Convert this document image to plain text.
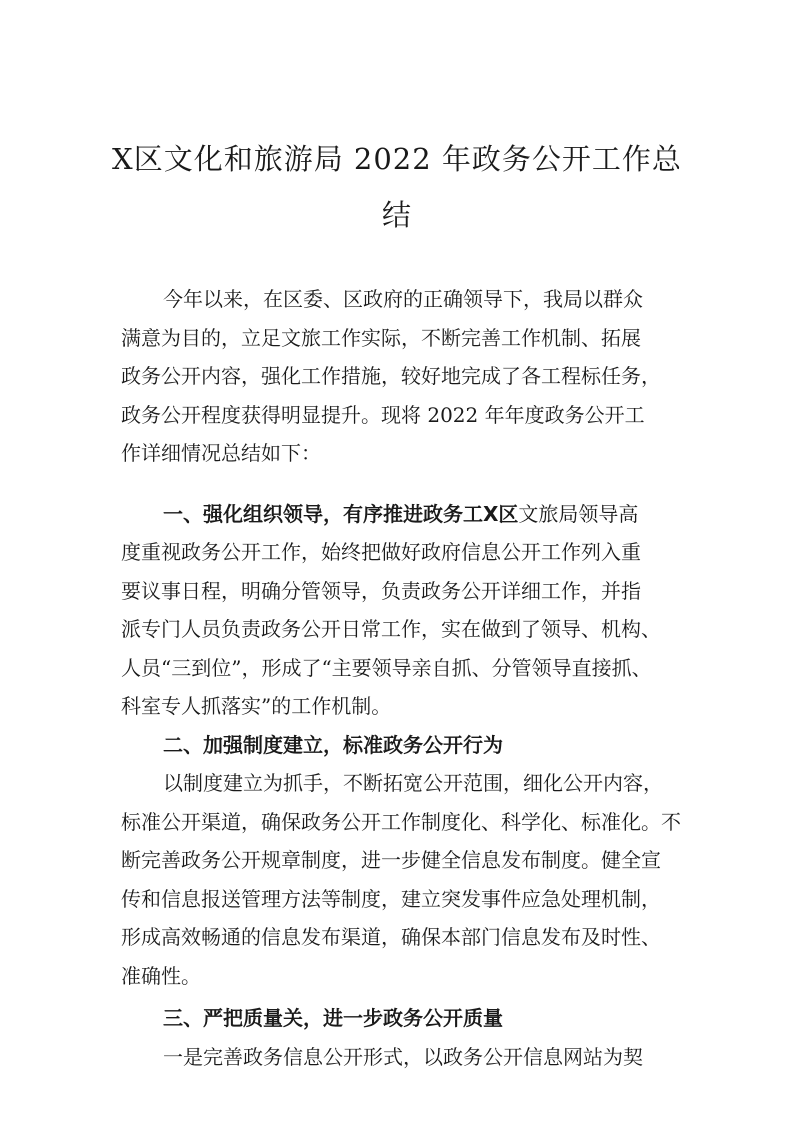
X区文化和旅游局 2022 年政务公开工作总
结
今年以来，在区委、区政府的正确领导下，我局以群众
满意为目的，立足文旅工作实际，不断完善工作机制、拓展
政务公开内容，强化工作措施，较好地完成了各工程标任务，
政务公开程度获得明显提升。现将 2022 年年度政务公开工
作详细情况总结如下：
一、强化组织领导，有序推进政务工X区文旅局领导高
度重视政务公开工作，始终把做好政府信息公开工作列入重
要议事日程，明确分管领导，负责政务公开详细工作，并指
派专门人员负责政务公开日常工作，实在做到了领导、机构、
人员“三到位”，形成了“主要领导亲自抓、分管领导直接抓、
科室专人抓落实”的工作机制。
二、加强制度建立，标准政务公开行为
以制度建立为抓手，不断拓宽公开范围，细化公开内容，
标准公开渠道，确保政务公开工作制度化、科学化、标准化。不
断完善政务公开规章制度，进一步健全信息发布制度。健全宣
传和信息报送管理方法等制度，建立突发事件应急处理机制，
形成高效畅通的信息发布渠道，确保本部门信息发布及时性、
准确性。
三、严把质量关，进一步政务公开质量
一是完善政务信息公开形式，以政务公开信息网站为契
